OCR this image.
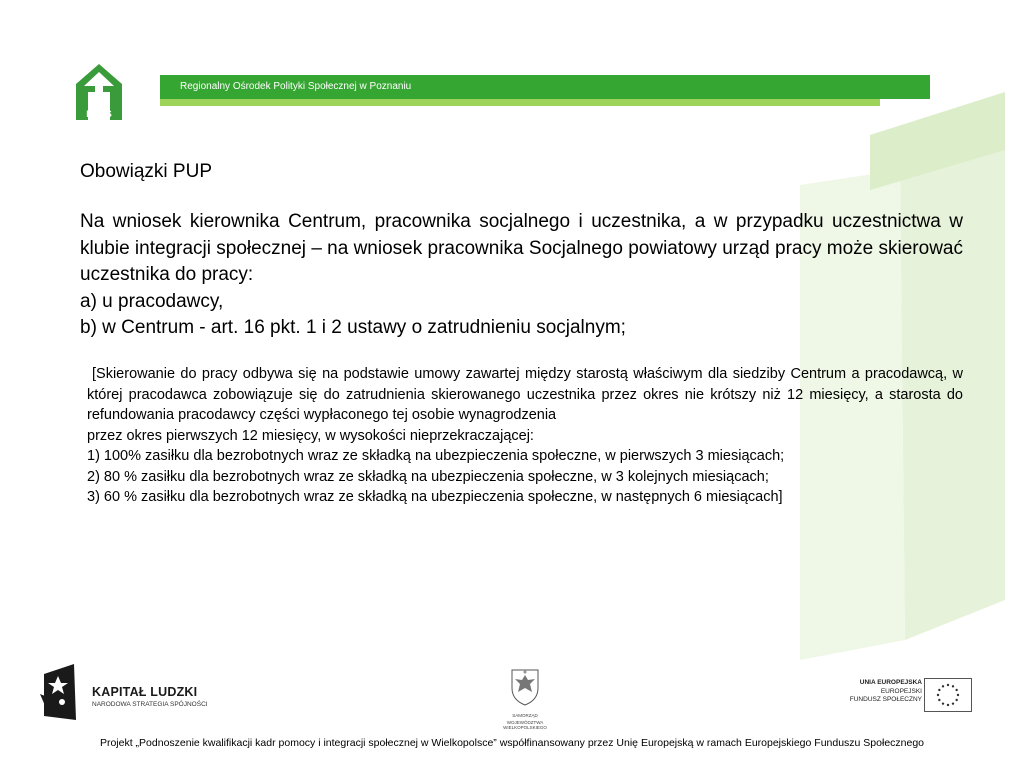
ROPS
Regionalny Ośrodek Polityki Społecznej w Poznaniu
Obowiązki PUP

Na wniosek kierownika Centrum, pracownika socjalnego i uczestnika, a w przypadku uczestnictwa w klubie integracji społecznej – na wniosek pracownika Socjalnego powiatowy urząd pracy może skierować uczestnika do pracy:

a) u pracodawcy,

b) w Centrum - art. 16 pkt. 1 i 2 ustawy o zatrudnieniu socjalnym;

[Skierowanie do pracy odbywa się na podstawie umowy zawartej między starostą właściwym dla siedziby Centrum a pracodawcą, w której pracodawca zobowiązuje się do zatrudnienia skierowanego uczestnika przez okres nie krótszy niż 12 miesięcy, a starosta do refundowania pracodawcy części wypłaconego tej osobie wynagrodzenia

przez okres pierwszych 12 miesięcy, w wysokości nieprzekraczającej:

1) 100% zasiłku dla bezrobotnych wraz ze składką na ubezpieczenia społeczne, w pierwszych 3 miesiącach;

2) 80 % zasiłku dla bezrobotnych wraz ze składką na ubezpieczenia społeczne, w 3 kolejnych miesiącach;

3) 60 % zasiłku dla bezrobotnych wraz ze składką na ubezpieczenia społeczne, w następnych 6 miesiącach]

KAPITAŁ LUDZKI
NARODOWA STRATEGIA SPÓJNOŚCI
SAMORZĄD
WOJEWÓDZTWA WIELKOPOLSKIEGO
UNIA EUROPEJSKA
EUROPEJSKI
FUNDUSZ SPOŁECZNY
Projekt „Podnoszenie kwalifikacji kadr pomocy i integracji społecznej w Wielkopolsce” współfinansowany przez Unię Europejską w ramach Europejskiego Funduszu Społecznego
